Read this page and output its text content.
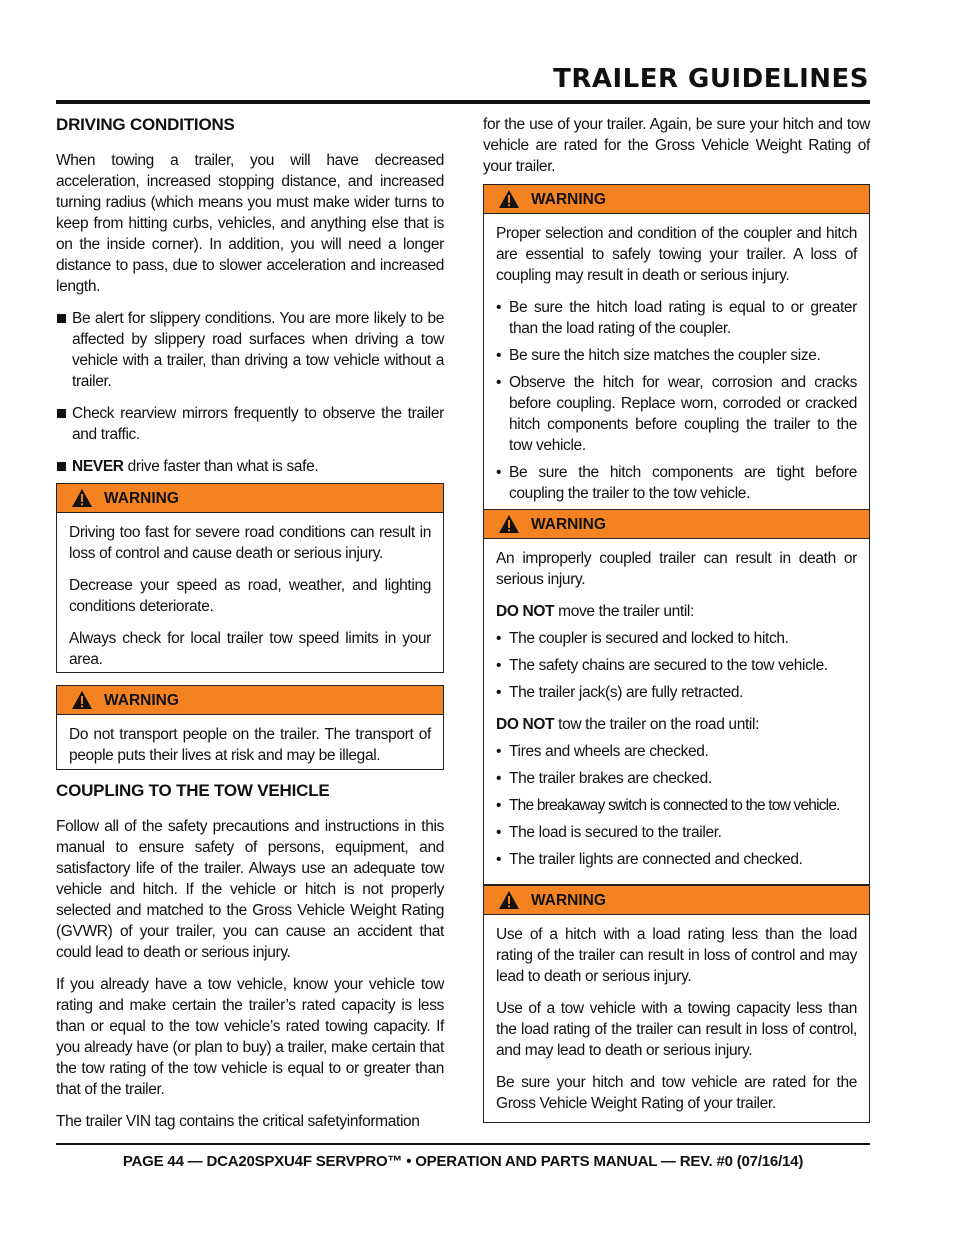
TRAILER GUIDELINES
DRIVING CONDITIONS

When towing a trailer, you will have decreased acceleration, increased stopping distance, and increased turning radius (which means you must make wider turns to keep from hitting curbs, vehicles, and anything else that is on the inside corner). In addition, you will need a longer distance to pass, due to slower acceleration and increased length.

Be alert for slippery conditions. You are more likely to be affected by slippery road surfaces when driving a tow vehicle with a trailer, than driving a tow vehicle without a trailer.
Check rearview mirrors frequently to observe the trailer and traffic.
NEVER drive faster than what is safe.
WARNING

Driving too fast for severe road conditions can result in loss of control and cause death or serious injury.

Decrease your speed as road, weather, and lighting conditions deteriorate.

Always check for local trailer tow speed limits in your area.

WARNING

Do not transport people on the trailer. The transport of people puts their lives at risk and may be illegal.

COUPLING TO THE TOW VEHICLE

Follow all of the safety precautions and instructions in this manual to ensure safety of persons, equipment, and satisfactory life of the trailer. Always use an adequate tow vehicle and hitch. If the vehicle or hitch is not properly selected and matched to the Gross Vehicle Weight Rating (GVWR) of your trailer, you can cause an accident that could lead to death or serious injury.

If you already have a tow vehicle, know your vehicle tow rating and make certain the trailer’s rated capacity is less than or equal to the tow vehicle’s rated towing capacity. If you already have (or plan to buy) a trailer, make certain that the tow rating of the tow vehicle is equal to or greater than that of the trailer.

The trailer VIN tag contains the critical safetyinformation

for the use of your trailer. Again, be sure your hitch and tow vehicle are rated for the Gross Vehicle Weight Rating of your trailer.

WARNING

Proper selection and condition of the coupler and hitch are essential to safely towing your trailer. A loss of coupling may result in death or serious injury.

• Be sure the hitch load rating is equal to or greater than the load rating of the coupler.
• Be sure the hitch size matches the coupler size.
• Observe the hitch for wear, corrosion and cracks before coupling. Replace worn, corroded or cracked hitch components before coupling the trailer to the tow vehicle.
• Be sure the hitch components are tight before coupling the trailer to the tow vehicle.
WARNING

An improperly coupled trailer can result in death or serious injury.

DO NOT move the trailer until:

• The coupler is secured and locked to hitch.
• The safety chains are secured to the tow vehicle.
• The trailer jack(s) are fully retracted.

DO NOT tow the trailer on the road until:

• Tires and wheels are checked.
• The trailer brakes are checked.
• The breakaway switch is connected to the tow vehicle.
• The load is secured to the trailer.
• The trailer lights are connected and checked.
WARNING

Use of a hitch with a load rating less than the load rating of the trailer can result in loss of control and may lead to death or serious injury.

Use of a tow vehicle with a towing capacity less than the load rating of the trailer can result in loss of control, and may lead to death or serious injury.

Be sure your hitch and tow vehicle are rated for the Gross Vehicle Weight Rating of your trailer.

PAGE 44 — DCA20SPXU4F SERVPRO™ • OPERATION AND PARTS MANUAL — REV. #0 (07/16/14)
